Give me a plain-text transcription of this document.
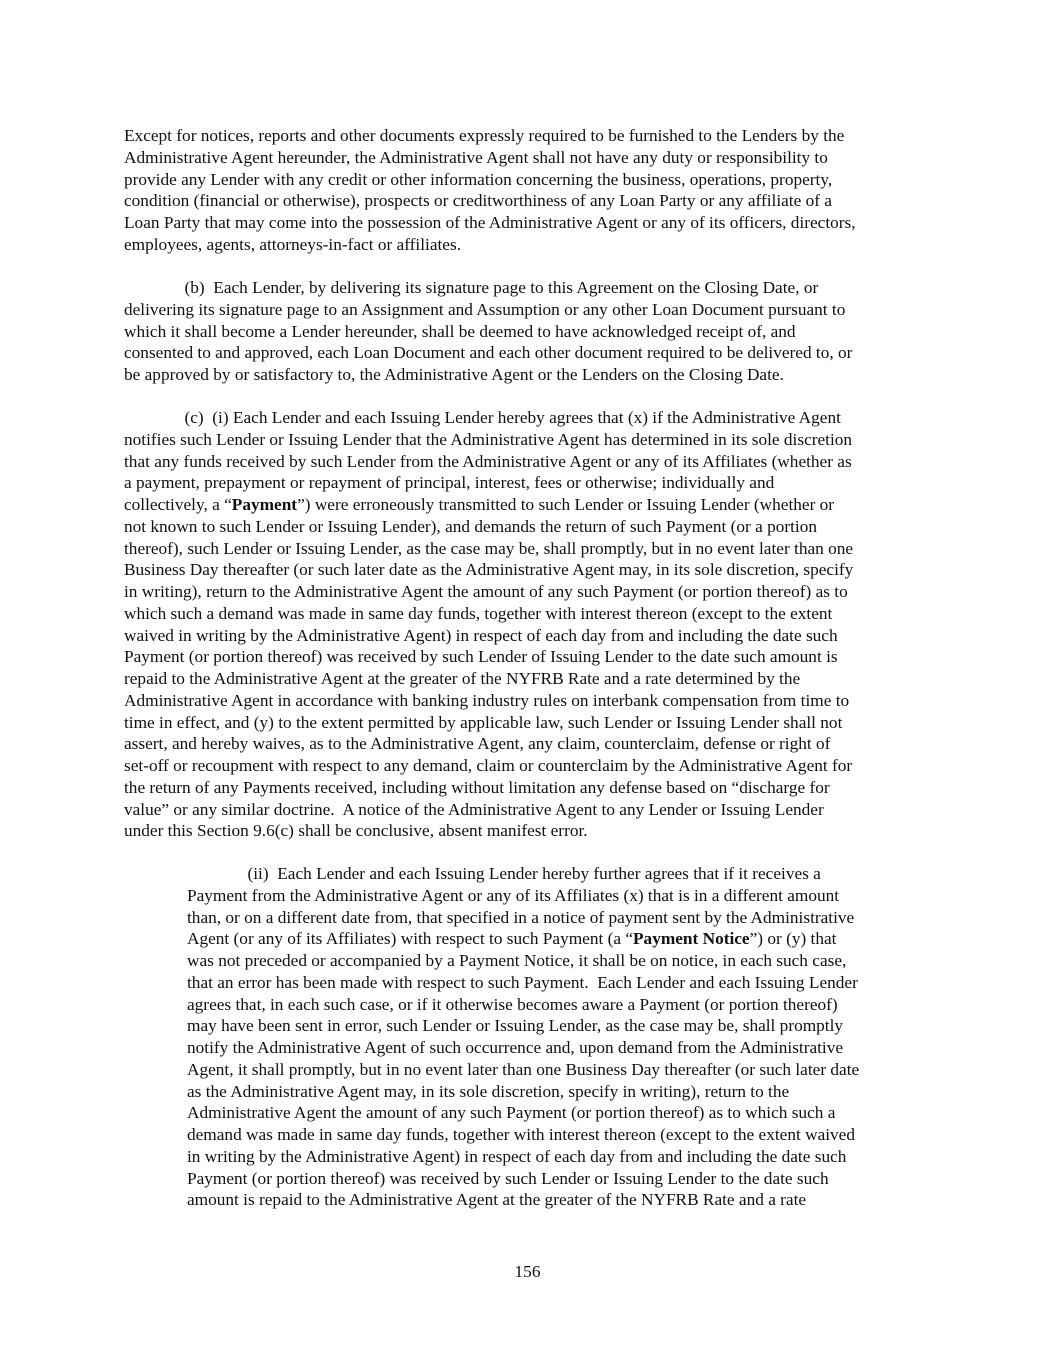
Except for notices, reports and other documents expressly required to be furnished to the Lenders by the
Administrative Agent hereunder, the Administrative Agent shall not have any duty or responsibility to
provide any Lender with any credit or other information concerning the business, operations, property,
condition (financial or otherwise), prospects or creditworthiness of any Loan Party or any affiliate of a
Loan Party that may come into the possession of the Administrative Agent or any of its officers, directors,
employees, agents, attorneys-in-fact or affiliates.
(b)  Each Lender, by delivering its signature page to this Agreement on the Closing Date, or
delivering its signature page to an Assignment and Assumption or any other Loan Document pursuant to
which it shall become a Lender hereunder, shall be deemed to have acknowledged receipt of, and
consented to and approved, each Loan Document and each other document required to be delivered to, or
be approved by or satisfactory to, the Administrative Agent or the Lenders on the Closing Date.
(c)  (i) Each Lender and each Issuing Lender hereby agrees that (x) if the Administrative Agent
notifies such Lender or Issuing Lender that the Administrative Agent has determined in its sole discretion
that any funds received by such Lender from the Administrative Agent or any of its Affiliates (whether as
a payment, prepayment or repayment of principal, interest, fees or otherwise; individually and
collectively, a “Payment”) were erroneously transmitted to such Lender or Issuing Lender (whether or
not known to such Lender or Issuing Lender), and demands the return of such Payment (or a portion
thereof), such Lender or Issuing Lender, as the case may be, shall promptly, but in no event later than one
Business Day thereafter (or such later date as the Administrative Agent may, in its sole discretion, specify
in writing), return to the Administrative Agent the amount of any such Payment (or portion thereof) as to
which such a demand was made in same day funds, together with interest thereon (except to the extent
waived in writing by the Administrative Agent) in respect of each day from and including the date such
Payment (or portion thereof) was received by such Lender of Issuing Lender to the date such amount is
repaid to the Administrative Agent at the greater of the NYFRB Rate and a rate determined by the
Administrative Agent in accordance with banking industry rules on interbank compensation from time to
time in effect, and (y) to the extent permitted by applicable law, such Lender or Issuing Lender shall not
assert, and hereby waives, as to the Administrative Agent, any claim, counterclaim, defense or right of
set-off or recoupment with respect to any demand, claim or counterclaim by the Administrative Agent for
the return of any Payments received, including without limitation any defense based on “discharge for
value” or any similar doctrine.  A notice of the Administrative Agent to any Lender or Issuing Lender
under this Section 9.6(c) shall be conclusive, absent manifest error.
(ii)  Each Lender and each Issuing Lender hereby further agrees that if it receives a
Payment from the Administrative Agent or any of its Affiliates (x) that is in a different amount
than, or on a different date from, that specified in a notice of payment sent by the Administrative
Agent (or any of its Affiliates) with respect to such Payment (a “Payment Notice”) or (y) that
was not preceded or accompanied by a Payment Notice, it shall be on notice, in each such case,
that an error has been made with respect to such Payment.  Each Lender and each Issuing Lender
agrees that, in each such case, or if it otherwise becomes aware a Payment (or portion thereof)
may have been sent in error, such Lender or Issuing Lender, as the case may be, shall promptly
notify the Administrative Agent of such occurrence and, upon demand from the Administrative
Agent, it shall promptly, but in no event later than one Business Day thereafter (or such later date
as the Administrative Agent may, in its sole discretion, specify in writing), return to the
Administrative Agent the amount of any such Payment (or portion thereof) as to which such a
demand was made in same day funds, together with interest thereon (except to the extent waived
in writing by the Administrative Agent) in respect of each day from and including the date such
Payment (or portion thereof) was received by such Lender or Issuing Lender to the date such
amount is repaid to the Administrative Agent at the greater of the NYFRB Rate and a rate
156
